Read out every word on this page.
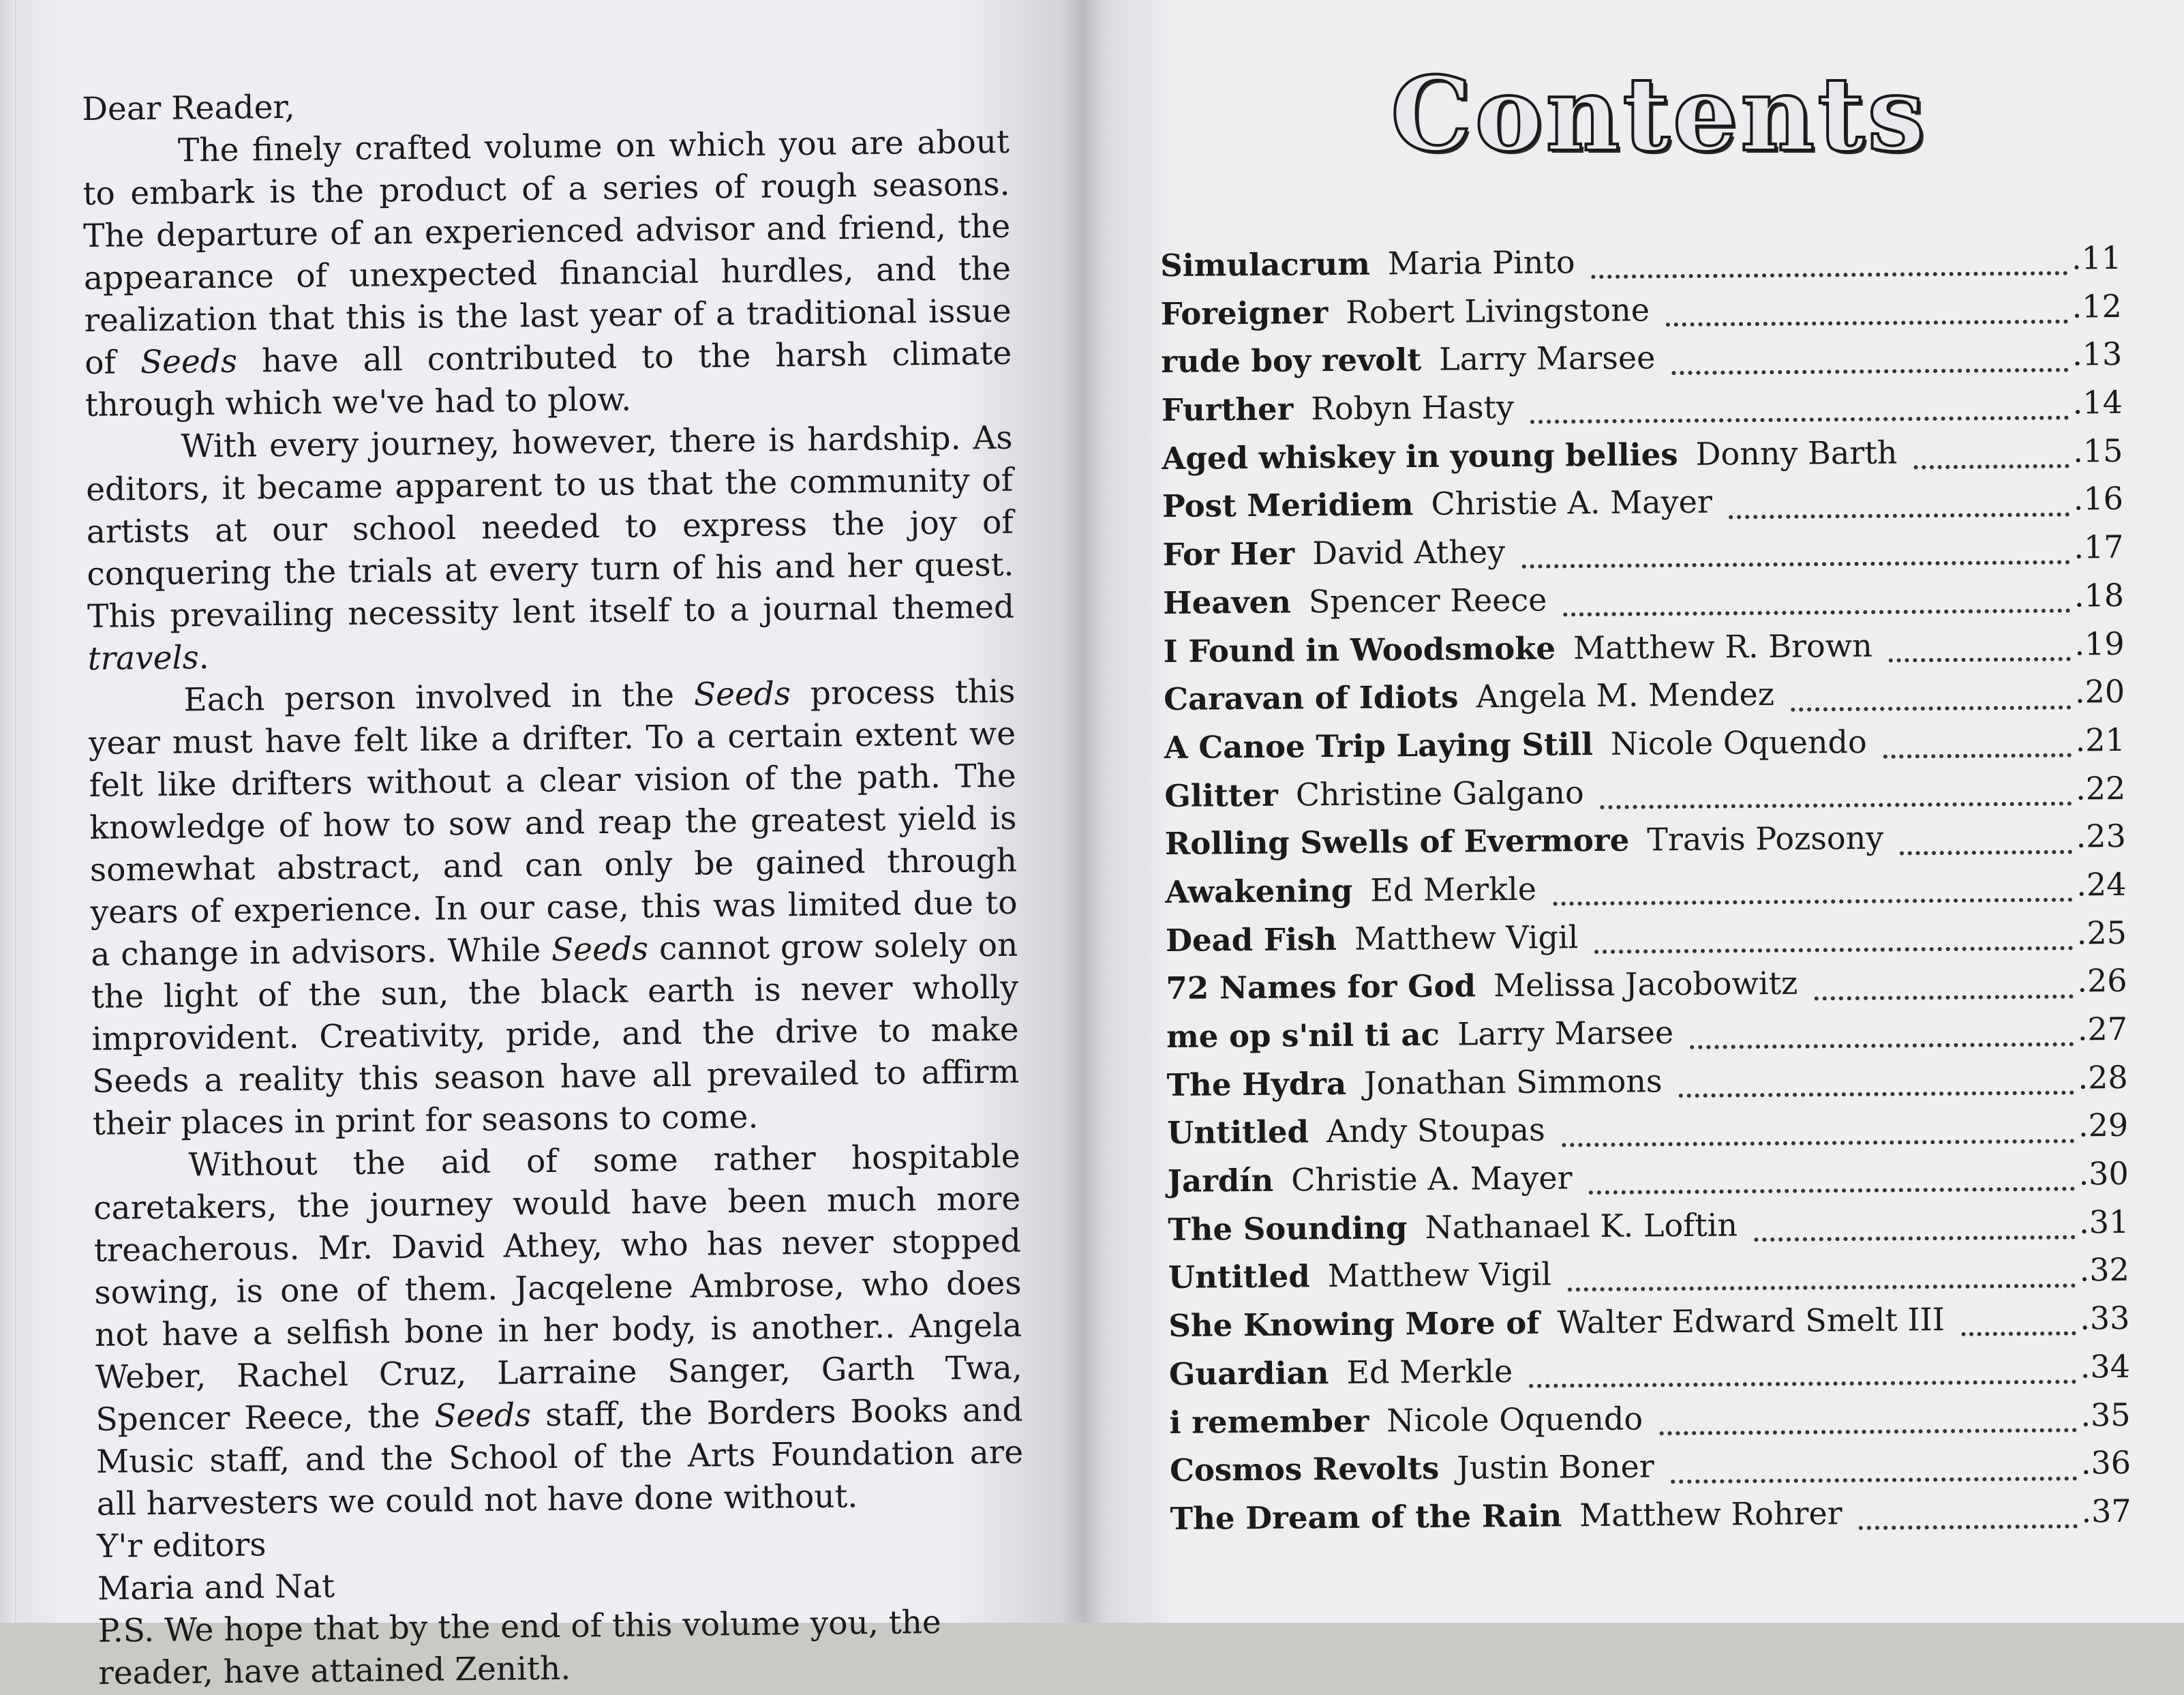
Dear Reader,

The finely crafted volume on which you are about to embark is the product of a series of rough seasons. The departure of an experienced advisor and friend, the appearance of unexpected financial hurdles, and the realization that this is the last year of a traditional issue of Seeds have all contributed to the harsh climate through which we've had to plow.

With every journey, however, there is hardship. As editors, it became apparent to us that the community of artists at our school needed to express the joy of conquering the trials at every turn of his and her quest. This prevailing necessity lent itself to a journal themed travels.

Each person involved in the Seeds process this year must have felt like a drifter. To a certain extent we felt like drifters without a clear vision of the path. The knowledge of how to sow and reap the greatest yield is somewhat abstract, and can only be gained through years of experience. In our case, this was limited due to a change in advisors. While Seeds cannot grow solely on the light of the sun, the black earth is never wholly improvident. Creativity, pride, and the drive to make Seeds a reality this season have all prevailed to affirm their places in print for seasons to come.

Without the aid of some rather hospitable caretakers, the journey would have been much more treacherous. Mr. David Athey, who has never stopped sowing, is one of them. Jacqelene Ambrose, who does not have a selfish bone in her body, is another.. Angela Weber, Rachel Cruz, Larraine Sanger, Garth Twa, Spencer Reece, the Seeds staff, the Borders Books and Music staff, and the School of the Arts Foundation are all harvesters we could not have done without.

Y'r editors

Maria and Nat

P.S. We hope that by the end of this volume you, the reader, have attained Zenith.

Contents
Simulacrum Maria Pinto	.11
Foreigner Robert Livingstone	.12
rude boy revolt Larry Marsee	.13
Further Robyn Hasty	.14
Aged whiskey in young bellies Donny Barth	.15
Post Meridiem Christie A. Mayer	.16
For Her David Athey	.17
Heaven Spencer Reece	.18
I Found in Woodsmoke Matthew R. Brown	.19
Caravan of Idiots Angela M. Mendez	.20
A Canoe Trip Laying Still Nicole Oquendo	.21
Glitter Christine Galgano	.22
Rolling Swells of Evermore Travis Pozsony	.23
Awakening Ed Merkle	.24
Dead Fish Matthew Vigil	.25
72 Names for God Melissa Jacobowitz	.26
me op s'nil ti ac Larry Marsee	.27
The Hydra Jonathan Simmons	.28
Untitled Andy Stoupas	.29
Jardín Christie A. Mayer	.30
The Sounding Nathanael K. Loftin	.31
Untitled Matthew Vigil	.32
She Knowing More of Walter Edward Smelt III	.33
Guardian Ed Merkle	.34
i remember Nicole Oquendo	.35
Cosmos Revolts Justin Boner	.36
The Dream of the Rain Matthew Rohrer	.37
